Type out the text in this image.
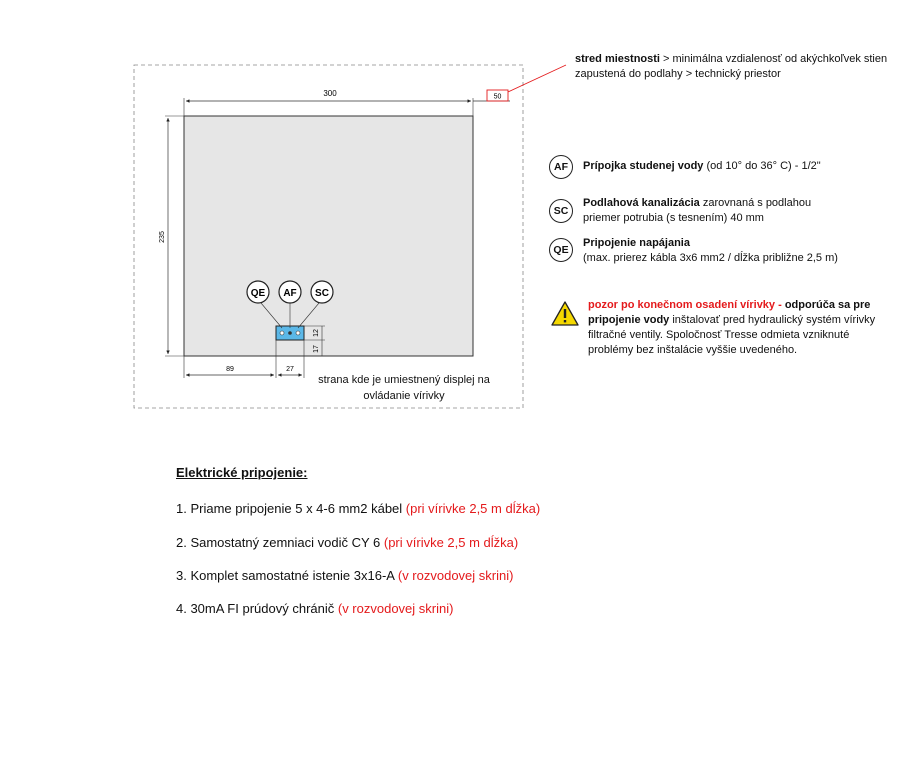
300	50
235
QE AF SC
12
17
89	27
strana kde je umiestnený displej na ovládanie vírivky
stred miestnosti > minimálna vzdialenosť od akýchkoľvek stien zapustená do podlahy > technický priestor
AF	Prípojka studenej vody (od 10° do 36° C) - 1/2"
SC
Podlahová kanalizácia zarovnaná s podlahou
priemer potrubia (s tesnením) 40 mm
QE
Pripojenie napájania
(max. prierez kábla 3x6 mm2 / dĺžka približne 2,5 m)
pozor po konečnom osadení vírivky - odporúča sa pre pripojenie vody inštalovať pred hydraulický systém vírivky filtračné ventily. Spoločnosť Tresse odmieta vzniknuté problémy bez inštalácie vyššie uvedeného.
Elektrické pripojenie:
1. Priame pripojenie 5 x 4-6 mm2 kábel (pri vírivke 2,5 m dĺžka)
2. Samostatný zemniaci vodič CY 6 (pri vírivke 2,5 m dĺžka)
3. Komplet samostatné istenie 3x16-A (v rozvodovej skrini)
4. 30mA FI prúdový chránič (v rozvodovej skrini)
